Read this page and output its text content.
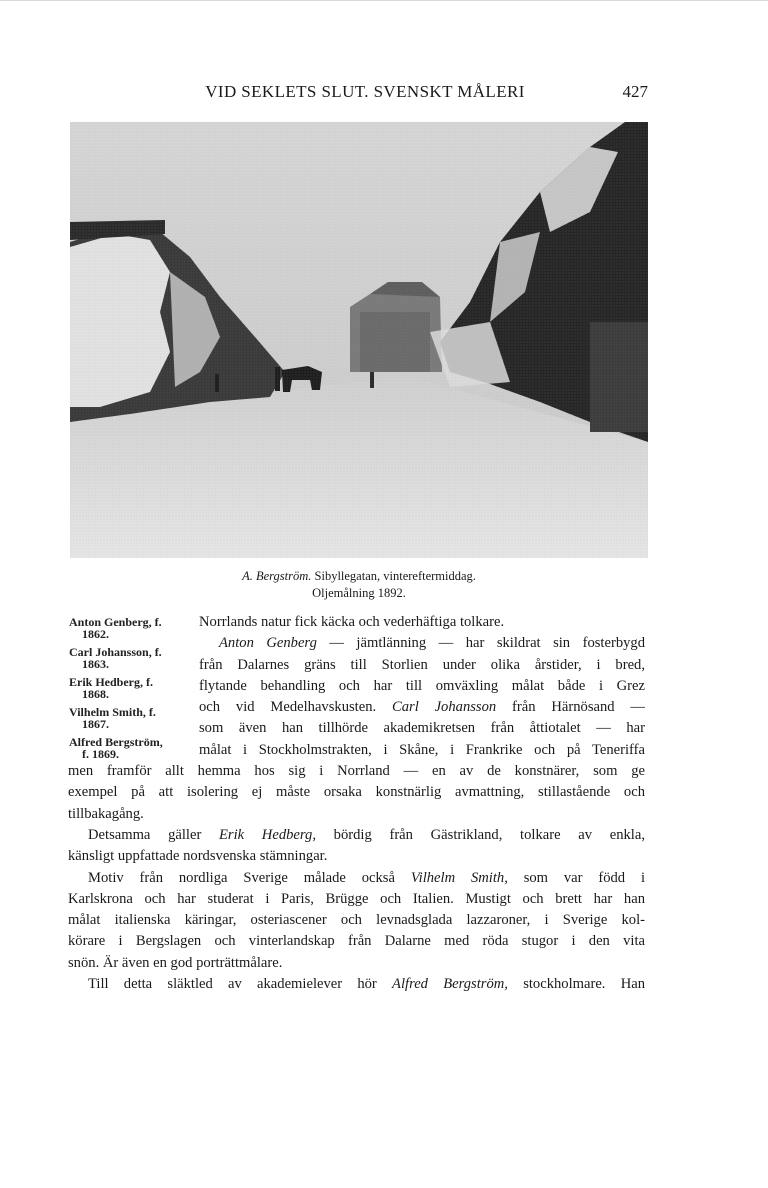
VID SEKLETS SLUT. SVENSKT MÅLERI	427
A. Bergström. Sibyllegatan, vintereftermiddag.
Oljemålning 1892.
Anton Genberg, f.
1862.
Carl Johansson, f.
1863.
Erik Hedberg, f.
1868.
Vilhelm Smith, f.
1867.
Alfred Bergström,
f. 1869.
Norrlands natur fick käcka och vederhäftiga tolkare.
Anton Genberg — jämtlänning — har skildrat sin fosterbygd
från Dalarnes gräns till Storlien under olika årstider, i bred,
flytande behandling och har till omväxling målat både i Grez
och vid Medelhavskusten. Carl Johansson från Härnösand —
som även han tillhörde akademikretsen från åttiotalet — har
målat i Stockholmstrakten, i Skåne, i Frankrike och på Teneriffa
men framför allt hemma hos sig i Norrland — en av de konstnärer, som ge
exempel på att isolering ej måste orsaka konstnärlig avmattning, stillastående och
tillbakagång.
Detsamma gäller Erik Hedberg, bördig från Gästrikland, tolkare av enkla,
känsligt uppfattade nordsvenska stämningar.
Motiv från nordliga Sverige målade också Vilhelm Smith, som var född i
Karlskrona och har studerat i Paris, Brügge och Italien. Mustigt och brett har han
målat italienska käringar, osteriascener och levnadsglada lazzaroner, i Sverige kol-
körare i Bergslagen och vinterlandskap från Dalarne med röda stugor i den vita
snön. Är även en god porträttmålare.
Till detta släktled av akademielever hör Alfred Bergström, stockholmare. Han
